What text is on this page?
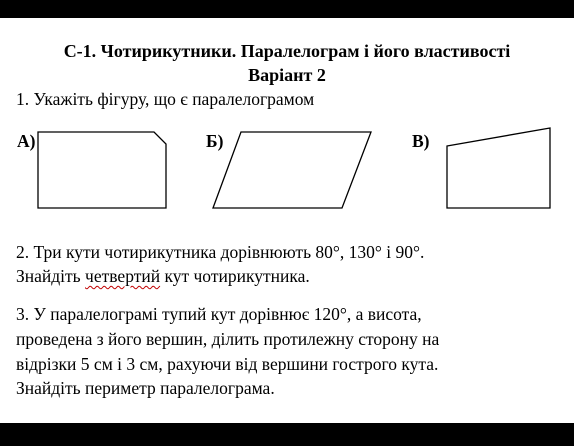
С-1. Чотирикутники. Паралелограм і його властивості
Варіант 2
1. Укажіть фігуру, що є паралелограмом
А)	Б)	В)
2. Три кути чотирикутника дорівнюють 80°, 130° і 90°.
Знайдіть четвертий кут чотирикутника.
3. У паралелограмі тупий кут дорівнює 120°, а висота,
проведена з його вершин, ділить протилежну сторону на
відрізки 5 см і 3 см, рахуючи від вершини гострого кута.
Знайдіть периметр паралелограма.
